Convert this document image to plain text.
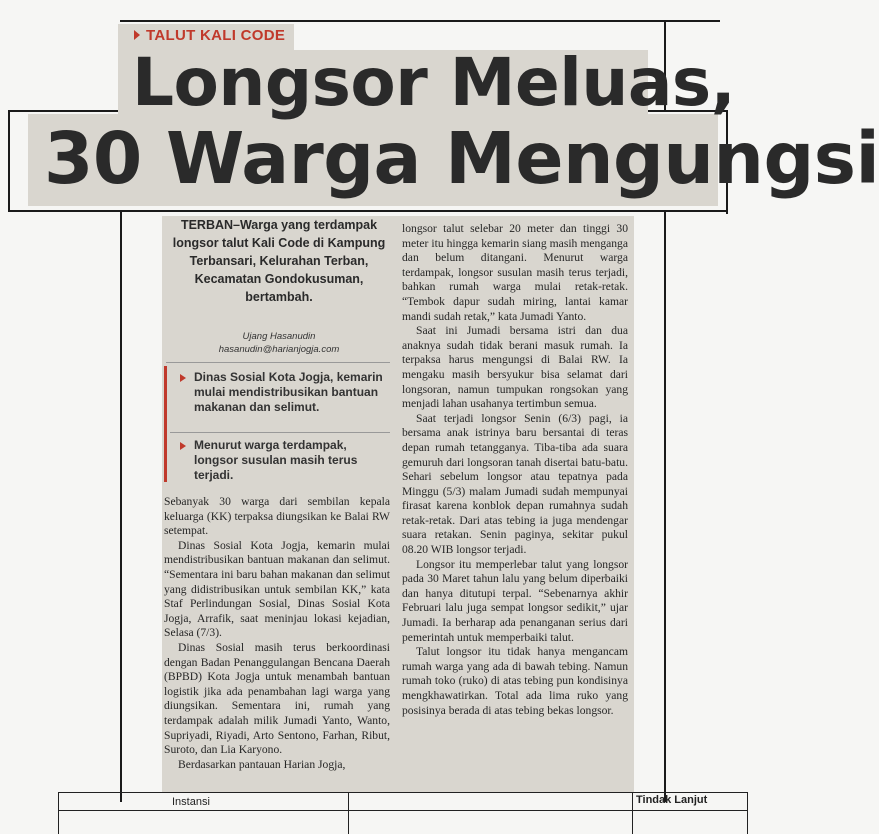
TALUT KALI CODE
Longsor Meluas,
30 Warga Mengungsi
TERBAN–Warga yang terdampak longsor talut Kali Code di Kampung Terbansari, Kelurahan Terban, Kecamatan Gondokusuman, bertambah.
Ujang Hasanudin
hasanudin@harianjogja.com
Dinas Sosial Kota Jogja, kemarin mulai mendistribusikan bantuan makanan dan selimut.
Menurut warga terdampak, longsor susulan masih terus terjadi.

Sebanyak 30 warga dari sembilan kepala keluarga (KK) terpaksa diungsikan ke Balai RW setempat.

Dinas Sosial Kota Jogja, kemarin mulai mendistribusikan bantuan makanan dan selimut. “Sementara ini baru bahan makanan dan selimut yang didistribusikan untuk sembilan KK,” kata Staf Perlindungan Sosial, Dinas Sosial Kota Jogja, Arrafik, saat meninjau lokasi kejadian, Selasa (7/3).

Dinas Sosial masih terus berkoordinasi dengan Badan Penanggulangan Bencana Daerah (BPBD) Kota Jogja untuk menambah bantuan logistik jika ada penambahan lagi warga yang diungsikan. Sementara ini, rumah yang terdampak adalah milik Jumadi Yanto, Wanto, Supriyadi, Riyadi, Arto Sentono, Farhan, Ribut, Suroto, dan Lia Karyono.

Berdasarkan pantauan Harian Jogja,

longsor talut selebar 20 meter dan tinggi 30 meter itu hingga kemarin siang masih menganga dan belum ditangani. Menurut warga terdampak, longsor susulan masih terus terjadi, bahkan rumah warga mulai retak-retak. “Tembok dapur sudah miring, lantai kamar mandi sudah retak,” kata Jumadi Yanto.

Saat ini Jumadi bersama istri dan dua anaknya sudah tidak berani masuk rumah. Ia terpaksa harus mengungsi di Balai RW. Ia mengaku masih bersyukur bisa selamat dari longsoran, namun tumpukan rongsokan yang menjadi lahan usahanya tertimbun semua.

Saat terjadi longsor Senin (6/3) pagi, ia bersama anak istrinya baru bersantai di teras depan rumah tetangganya. Tiba-tiba ada suara gemuruh dari longsoran tanah disertai batu-batu. Sehari sebelum longsor atau tepatnya pada Minggu (5/3) malam Jumadi sudah mempunyai firasat karena konblok depan rumahnya sudah retak-retak. Dari atas tebing ia juga mendengar suara retakan. Senin paginya, sekitar pukul 08.20 WIB longsor terjadi.

Longsor itu memperlebar talut yang longsor pada 30 Maret tahun lalu yang belum diperbaiki dan hanya ditutupi terpal. “Sebenarnya akhir Februari lalu juga sempat longsor sedikit,” ujar Jumadi. Ia berharap ada penanganan serius dari pemerintah untuk memperbaiki talut.

Talut longsor itu tidak hanya mengancam rumah warga yang ada di bawah tebing. Namun rumah toko (ruko) di atas tebing pun kondisinya mengkhawatirkan. Total ada lima ruko yang posisinya berada di atas tebing bekas longsor.

Instansi	Tindak Lanjut
